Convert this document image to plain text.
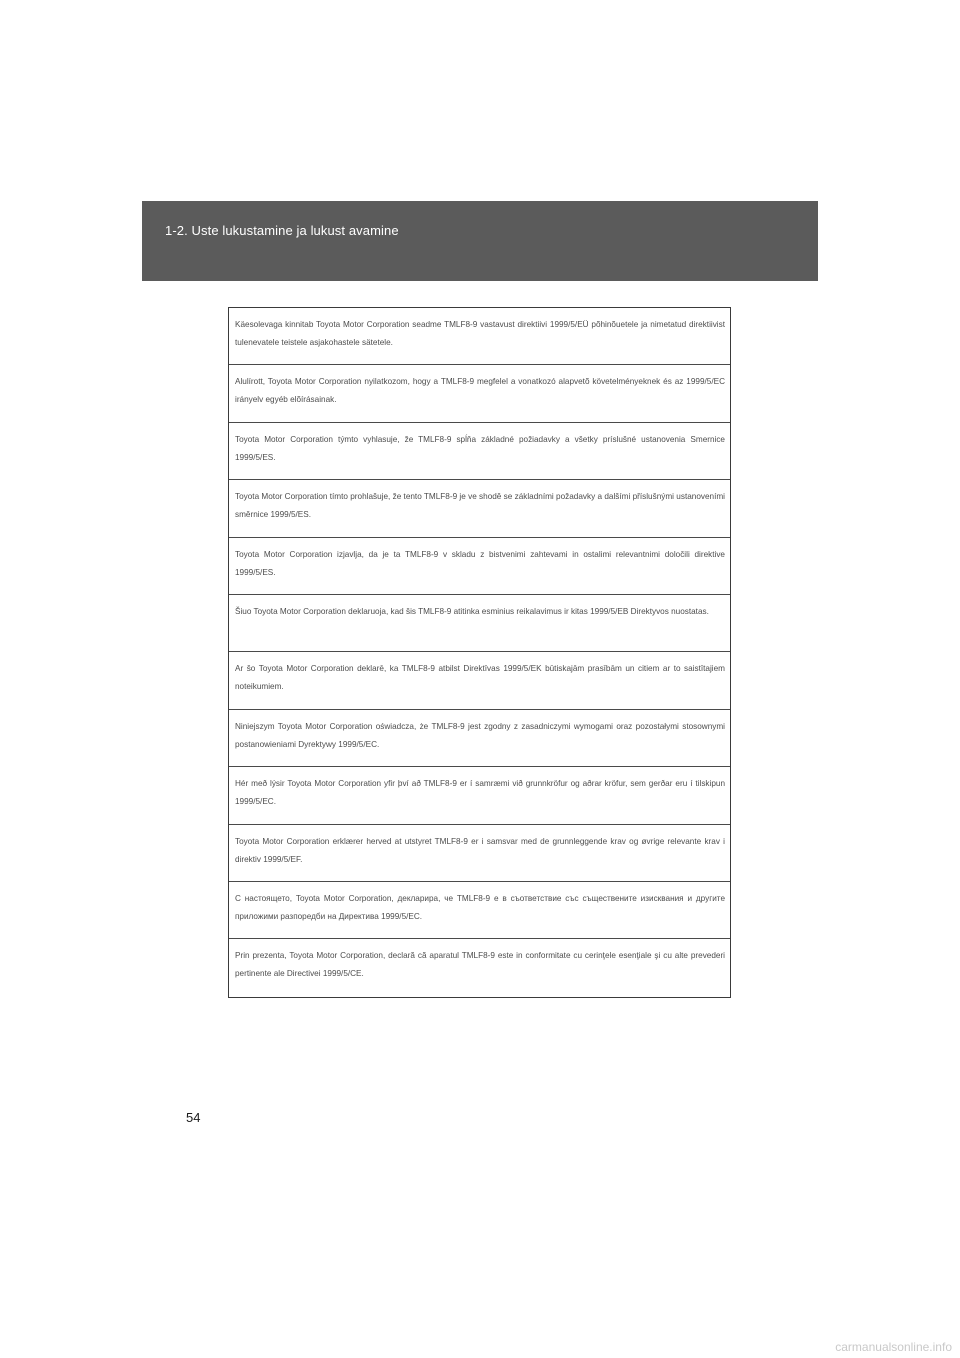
1-2. Uste lukustamine ja lukust avamine
Käesolevaga kinnitab Toyota Motor Corporation seadme TMLF8-9 vastavust direktiivi 1999/5/EÜ põhinõuetele ja nimetatud direktiivist tulenevatele teistele asjakohastele sätetele.
Alulírott, Toyota Motor Corporation nyilatkozom, hogy a TMLF8-9 megfelel a vonatkozó alapvetõ követelményeknek és az 1999/5/EC irányelv egyéb elõírásainak.
Toyota Motor Corporation týmto vyhlasuje, že TMLF8-9 spĺňa základné požiadavky a všetky príslušné ustanovenia Smernice 1999/5/ES.
Toyota Motor Corporation tímto prohlašuje, že tento TMLF8-9 je ve shodě se základními požadavky a dalšími příslušnými ustanoveními směrnice 1999/5/ES.
Toyota Motor Corporation izjavlja, da je ta TMLF8-9 v skladu z bistvenimi zahtevami in ostalimi relevantnimi določili direktive 1999/5/ES.
Šiuo Toyota Motor Corporation deklaruoja, kad šis TMLF8-9 atitinka esminius reikalavimus ir kitas 1999/5/EB Direktyvos nuostatas.
Ar šo Toyota Motor Corporation deklarē, ka TMLF8-9 atbilst Direktīvas 1999/5/EK būtiskajām prasībām un citiem ar to saistītajiem noteikumiem.
Niniejszym Toyota Motor Corporation oświadcza, że TMLF8-9 jest zgodny z zasadniczymi wymogami oraz pozostałymi stosownymi postanowieniami Dyrektywy 1999/5/EC.
Hér með lýsir Toyota Motor Corporation yfir því að TMLF8-9 er í samræmi við grunnkröfur og aðrar kröfur, sem gerðar eru í tilskipun 1999/5/EC.
Toyota Motor Corporation erklærer herved at utstyret TMLF8-9 er i samsvar med de grunnleggende krav og øvrige relevante krav i direktiv 1999/5/EF.
С настоящето, Toyota Motor Corporation, декларира, че TMLF8-9 е в съответствие със съществените изисквания и другите приложими разпоредби на Директива 1999/5/EC.
Prin prezenta, Toyota Motor Corporation, declară că aparatul TMLF8-9 este in conformitate cu cerinţele esenţiale şi cu alte prevederi pertinente ale Directivei 1999/5/CE.
54
carmanualsonline.info
